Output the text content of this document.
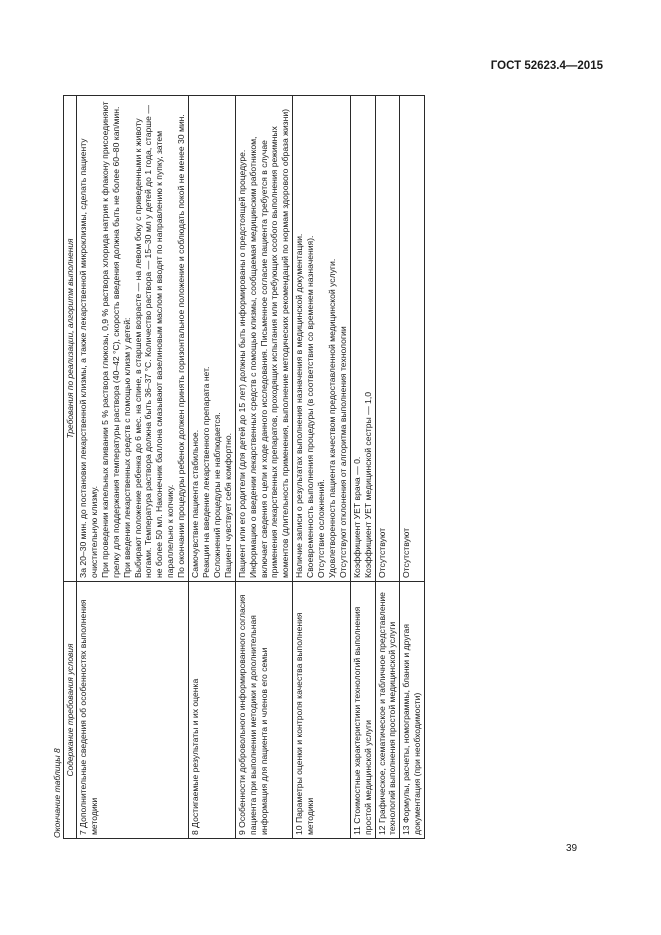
ГОСТ 52623.4—2015
Окончание таблицы 8
Содержание требования условия	Требования по реализации, алгоритм выполнения
7 Дополнительные сведения об особенностях выполнения методики	За 20–30 мин. до постановки лекарственной клизмы, а также лекарственной микроклизмы, сделать пациенту очистительную клизму. При проведении капельных вливании 5 % раствора глюкозы, 0,9 % раствора хлорида натрия к флакону присоединяют грелку для поддержания температуры раствора (40–42 °С), скорость введения должна быть не более 60–80 кап/мин. При введении лекарственных средств с помощью клизм у детей: Выбирают положение ребенка до 6 мес. на спине, в старшем возрасте — на левом боку с приведенными к животу ногами. Температура раствора должна быть 36–37 °С. Количество раствора — 15–30 мл у детей до 1 года, старше — не более 50 мл. Наконечник баллона смазывают вазелиновым маслом и вводят по направлению к пупку, затем параллельно к копчику. По окончании процедуры ребенок должен принять горизонтальное положение и соблюдать покой не менее 30 мин.

8 Достигаемые результаты и их оценка	Самочувствие пациента стабильное. Реакции на введение лекарственного препарата нет. Осложнений процедуры не наблюдается. Пациент чувствует себя комфортно.

9 Особенности добровольного информированного согласия пациента при выполнении методики и дополнительная информация для пациента и членов его семьи	Пациент или его родители (для детей до 15 лет) должны быть информированы о предстоящей процедуре. Информацию о введении лекарственных средств с помощью клизмы, сообщаемая медицинским работником, включает сведения о цели и ходе данного исследования. Письменное согласие пациента требуется в случае применения лекарственных препаратов, проходящих испытания или требующих особого выполнения режимных моментов (длительность применения, выполнение методических рекомендаций по нормам здорового образа жизни)

10 Параметры оценки и контроля качества выполнения методики	Наличие записи о результатах выполнения назначения в медицинской документации. Своевременность выполнения процедуры (в соответствии со временем назначения). Отсутствие осложнений. Удовлетворенность пациента качеством предоставленной медицинской услуги. Отсутствуют отклонения от алгоритма выполнения технологии

11 Стоимостные характеристики технологий выполнения простой медицинской услуги	Коэффициент УЕТ врача — 0. Коэффициент УЕТ медицинской сестры — 1,0

12 Графическое, схематическое и табличное представление технологий выполнения простой медицинской услуги	Отсутствуют

13 Формулы, расчеты, номограммы, бланки и другая документация (при необходимости)	Отсутствуют
39
